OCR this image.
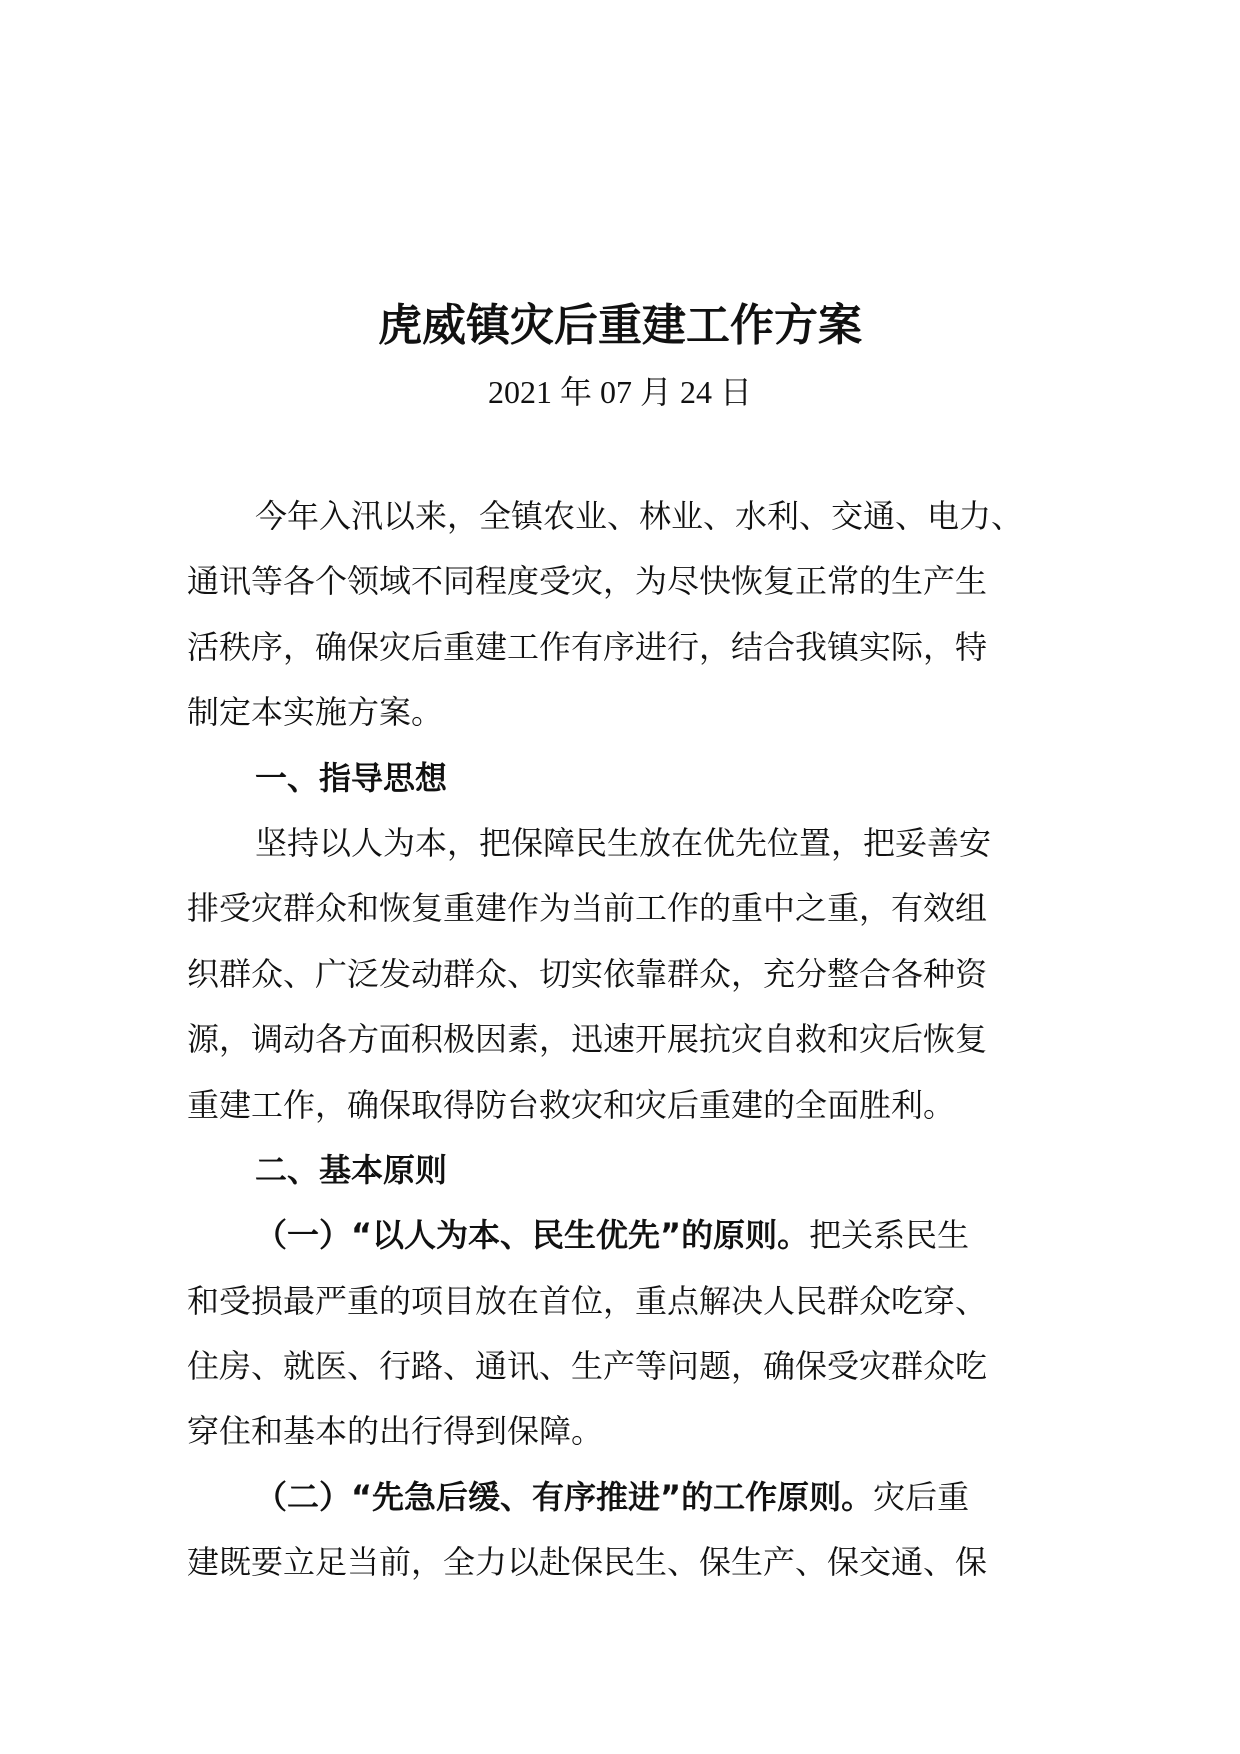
虎威镇灾后重建工作方案
2021 年 07 月 24 日
今年入汛以来，全镇农业、林业、水利、交通、电力、
通讯等各个领域不同程度受灾，为尽快恢复正常的生产生
活秩序，确保灾后重建工作有序进行，结合我镇实际，特
制定本实施方案。
一、指导思想
坚持以人为本，把保障民生放在优先位置，把妥善安
排受灾群众和恢复重建作为当前工作的重中之重，有效组
织群众、广泛发动群众、切实依靠群众，充分整合各种资
源，调动各方面积极因素，迅速开展抗灾自救和灾后恢复
重建工作，确保取得防台救灾和灾后重建的全面胜利。
二、基本原则
（一）“以人为本、民生优先”的原则。把关系民生
和受损最严重的项目放在首位，重点解决人民群众吃穿、
住房、就医、行路、通讯、生产等问题，确保受灾群众吃
穿住和基本的出行得到保障。
（二）“先急后缓、有序推进”的工作原则。灾后重
建既要立足当前，全力以赴保民生、保生产、保交通、保
